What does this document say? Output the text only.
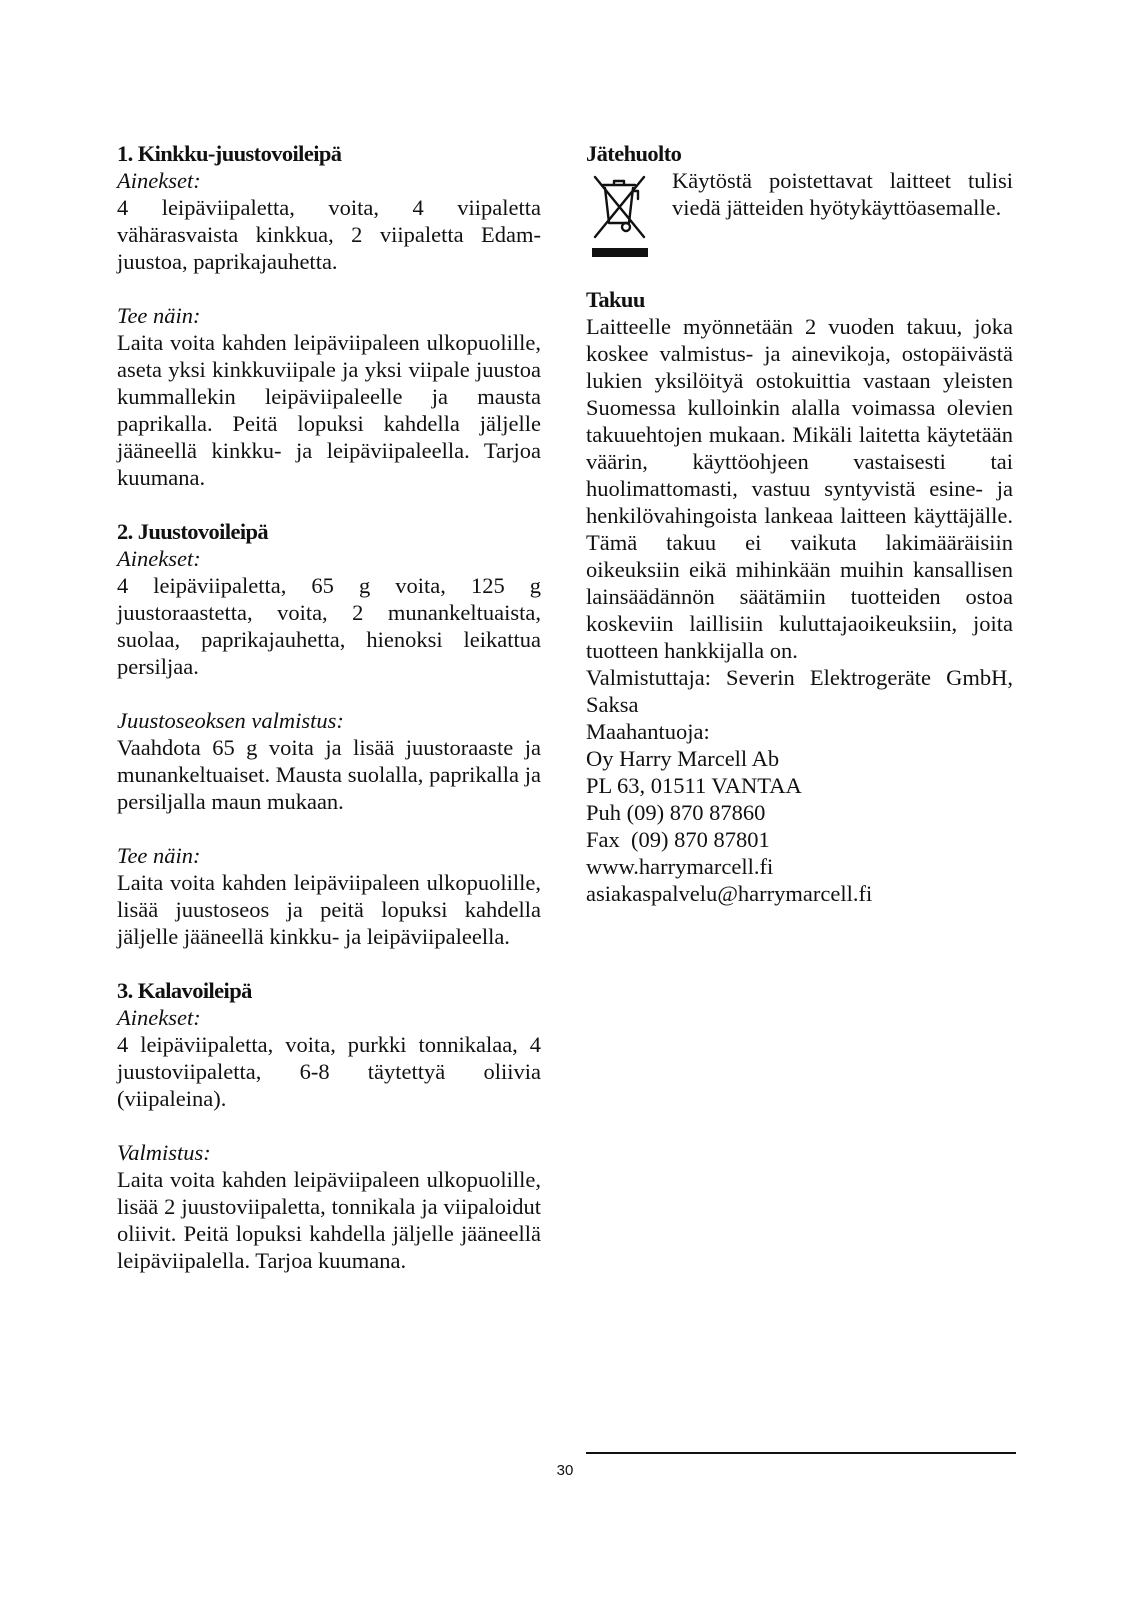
1. Kinkku-juustovoileipä

Ainekset:

4 leipäviipaletta, voita, 4 viipaletta vähärasvaista kinkkua, 2 viipaletta Edam-juustoa, paprikajauhetta.

Tee näin:

Laita voita kahden leipäviipaleen ulkopuolille, aseta yksi kinkkuviipale ja yksi viipale juustoa kummallekin leipäviipaleelle ja mausta paprikalla. Peitä lopuksi kahdella jäljelle jääneellä kinkku- ja leipäviipaleella. Tarjoa kuumana.

2. Juustovoileipä

Ainekset:

4 leipäviipaletta, 65 g voita, 125 g juustoraastetta, voita, 2 munankeltuaista, suolaa, paprikajauhetta, hienoksi leikattua persiljaa.

Juustoseoksen valmistus:

Vaahdota 65 g voita ja lisää juustoraaste ja munankeltuaiset. Mausta suolalla, paprikalla ja persiljalla maun mukaan.

Tee näin:

Laita voita kahden leipäviipaleen ulkopuolille, lisää juustoseos ja peitä lopuksi kahdella jäljelle jääneellä kinkku- ja leipäviipaleella.

3. Kalavoileipä

Ainekset:

4 leipäviipaletta, voita, purkki tonnikalaa, 4 juustoviipaletta, 6-8 täytettyä oliivia (viipaleina).

Valmistus:

Laita voita kahden leipäviipaleen ulkopuolille, lisää 2 juustoviipaletta, tonnikala ja viipaloidut oliivit. Peitä lopuksi kahdella jäljelle jääneellä leipäviipalella. Tarjoa kuumana.

Jätehuolto

Käytöstä poistettavat laitteet tulisi viedä jätteiden hyötykäyttöasemalle.

Takuu

Laitteelle myönnetään 2 vuoden takuu, joka koskee valmistus- ja ainevikoja, ostopäivästä lukien yksilöityä ostokuittia vastaan yleisten Suomessa kulloinkin alalla voimassa olevien takuuehtojen mukaan. Mikäli laitetta käytetään väärin, käyttöohjeen vastaisesti tai huolimattomasti, vastuu syntyvistä esine- ja henkilövahingoista lankeaa laitteen käyttäjälle. Tämä takuu ei vaikuta lakimääräisiin oikeuksiin eikä mihinkään muihin kansallisen lainsäädännön säätämiin tuotteiden ostoa koskeviin laillisiin kuluttajaoikeuksiin, joita tuotteen hankkijalla on.

Valmistuttaja: Severin Elektrogeräte GmbH, Saksa

Maahantuoja:

Oy Harry Marcell Ab

PL 63, 01511 VANTAA

Puh (09) 870 87860

Fax  (09) 870 87801

www.harrymarcell.fi

asiakaspalvelu@harrymarcell.fi

30
